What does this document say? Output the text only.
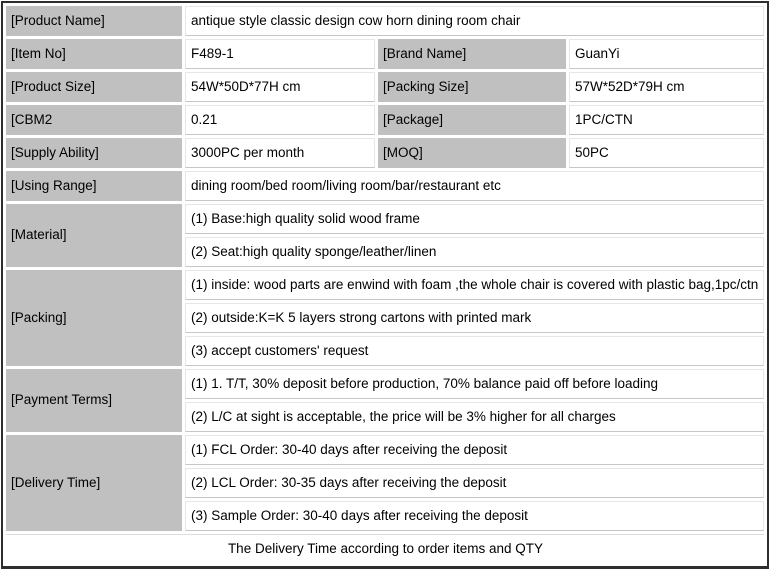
[Product Name]	antique style classic design cow horn dining room chair		
[Item No]	F489-1	[Brand Name]	GuanYi
[Product Size]	54W*50D*77H cm	[Packing Size]	57W*52D*79H cm
[CBM2	0.21	[Package]	1PC/CTN
[Supply Ability]	3000PC per month	[MOQ]	50PC
[Using Range]	dining room/bed room/living room/bar/restaurant etc		
[Material]	(1) Base:high quality solid wood frame		
	(2) Seat:high quality sponge/leather/linen		
[Packing]	(1) inside: wood parts are enwind with foam ,the whole chair is covered with plastic bag,1pc/ctn		
	(2) outside:K=K 5 layers strong cartons with printed mark		
	(3) accept customers' request		
[Payment Terms]	(1) 1. T/T, 30% deposit before production, 70% balance paid off before loading		
	(2) L/C at sight is acceptable, the price will be 3% higher for all charges		
[Delivery Time]	(1) FCL Order: 30-40 days after receiving the deposit		
	(2) LCL Order: 30-35 days after receiving the deposit		
	(3) Sample Order: 30-40 days after receiving the deposit		
The Delivery Time according to order items and QTY			
